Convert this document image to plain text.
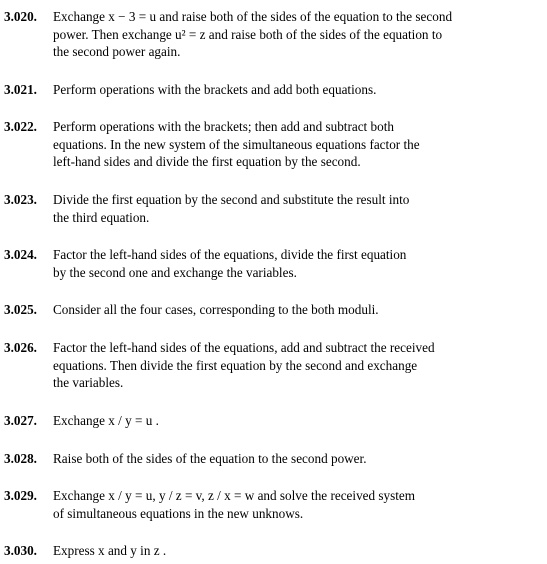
3.020. Exchange x − 3 = u and raise both of the sides of the equation to the second
power. Then exchange u² = z and raise both of the sides of the equation to
the second power again.
3.021. Perform operations with the brackets and add both equations.
3.022. Perform operations with the brackets; then add and subtract both
equations. In the new system of the simultaneous equations factor the
left-hand sides and divide the first equation by the second.
3.023. Divide the first equation by the second and substitute the result into
the third equation.
3.024. Factor the left-hand sides of the equations, divide the first equation
by the second one and exchange the variables.
3.025. Consider all the four cases, corresponding to the both moduli.
3.026. Factor the left-hand sides of the equations, add and subtract the received
equations. Then divide the first equation by the second and exchange
the variables.
3.027. Exchange x / y = u .
3.028. Raise both of the sides of the equation to the second power.
3.029. Exchange x / y = u, y / z = v, z / x = w and solve the received system
of simultaneous equations in the new unknows.
3.030. Express x and y in z .
